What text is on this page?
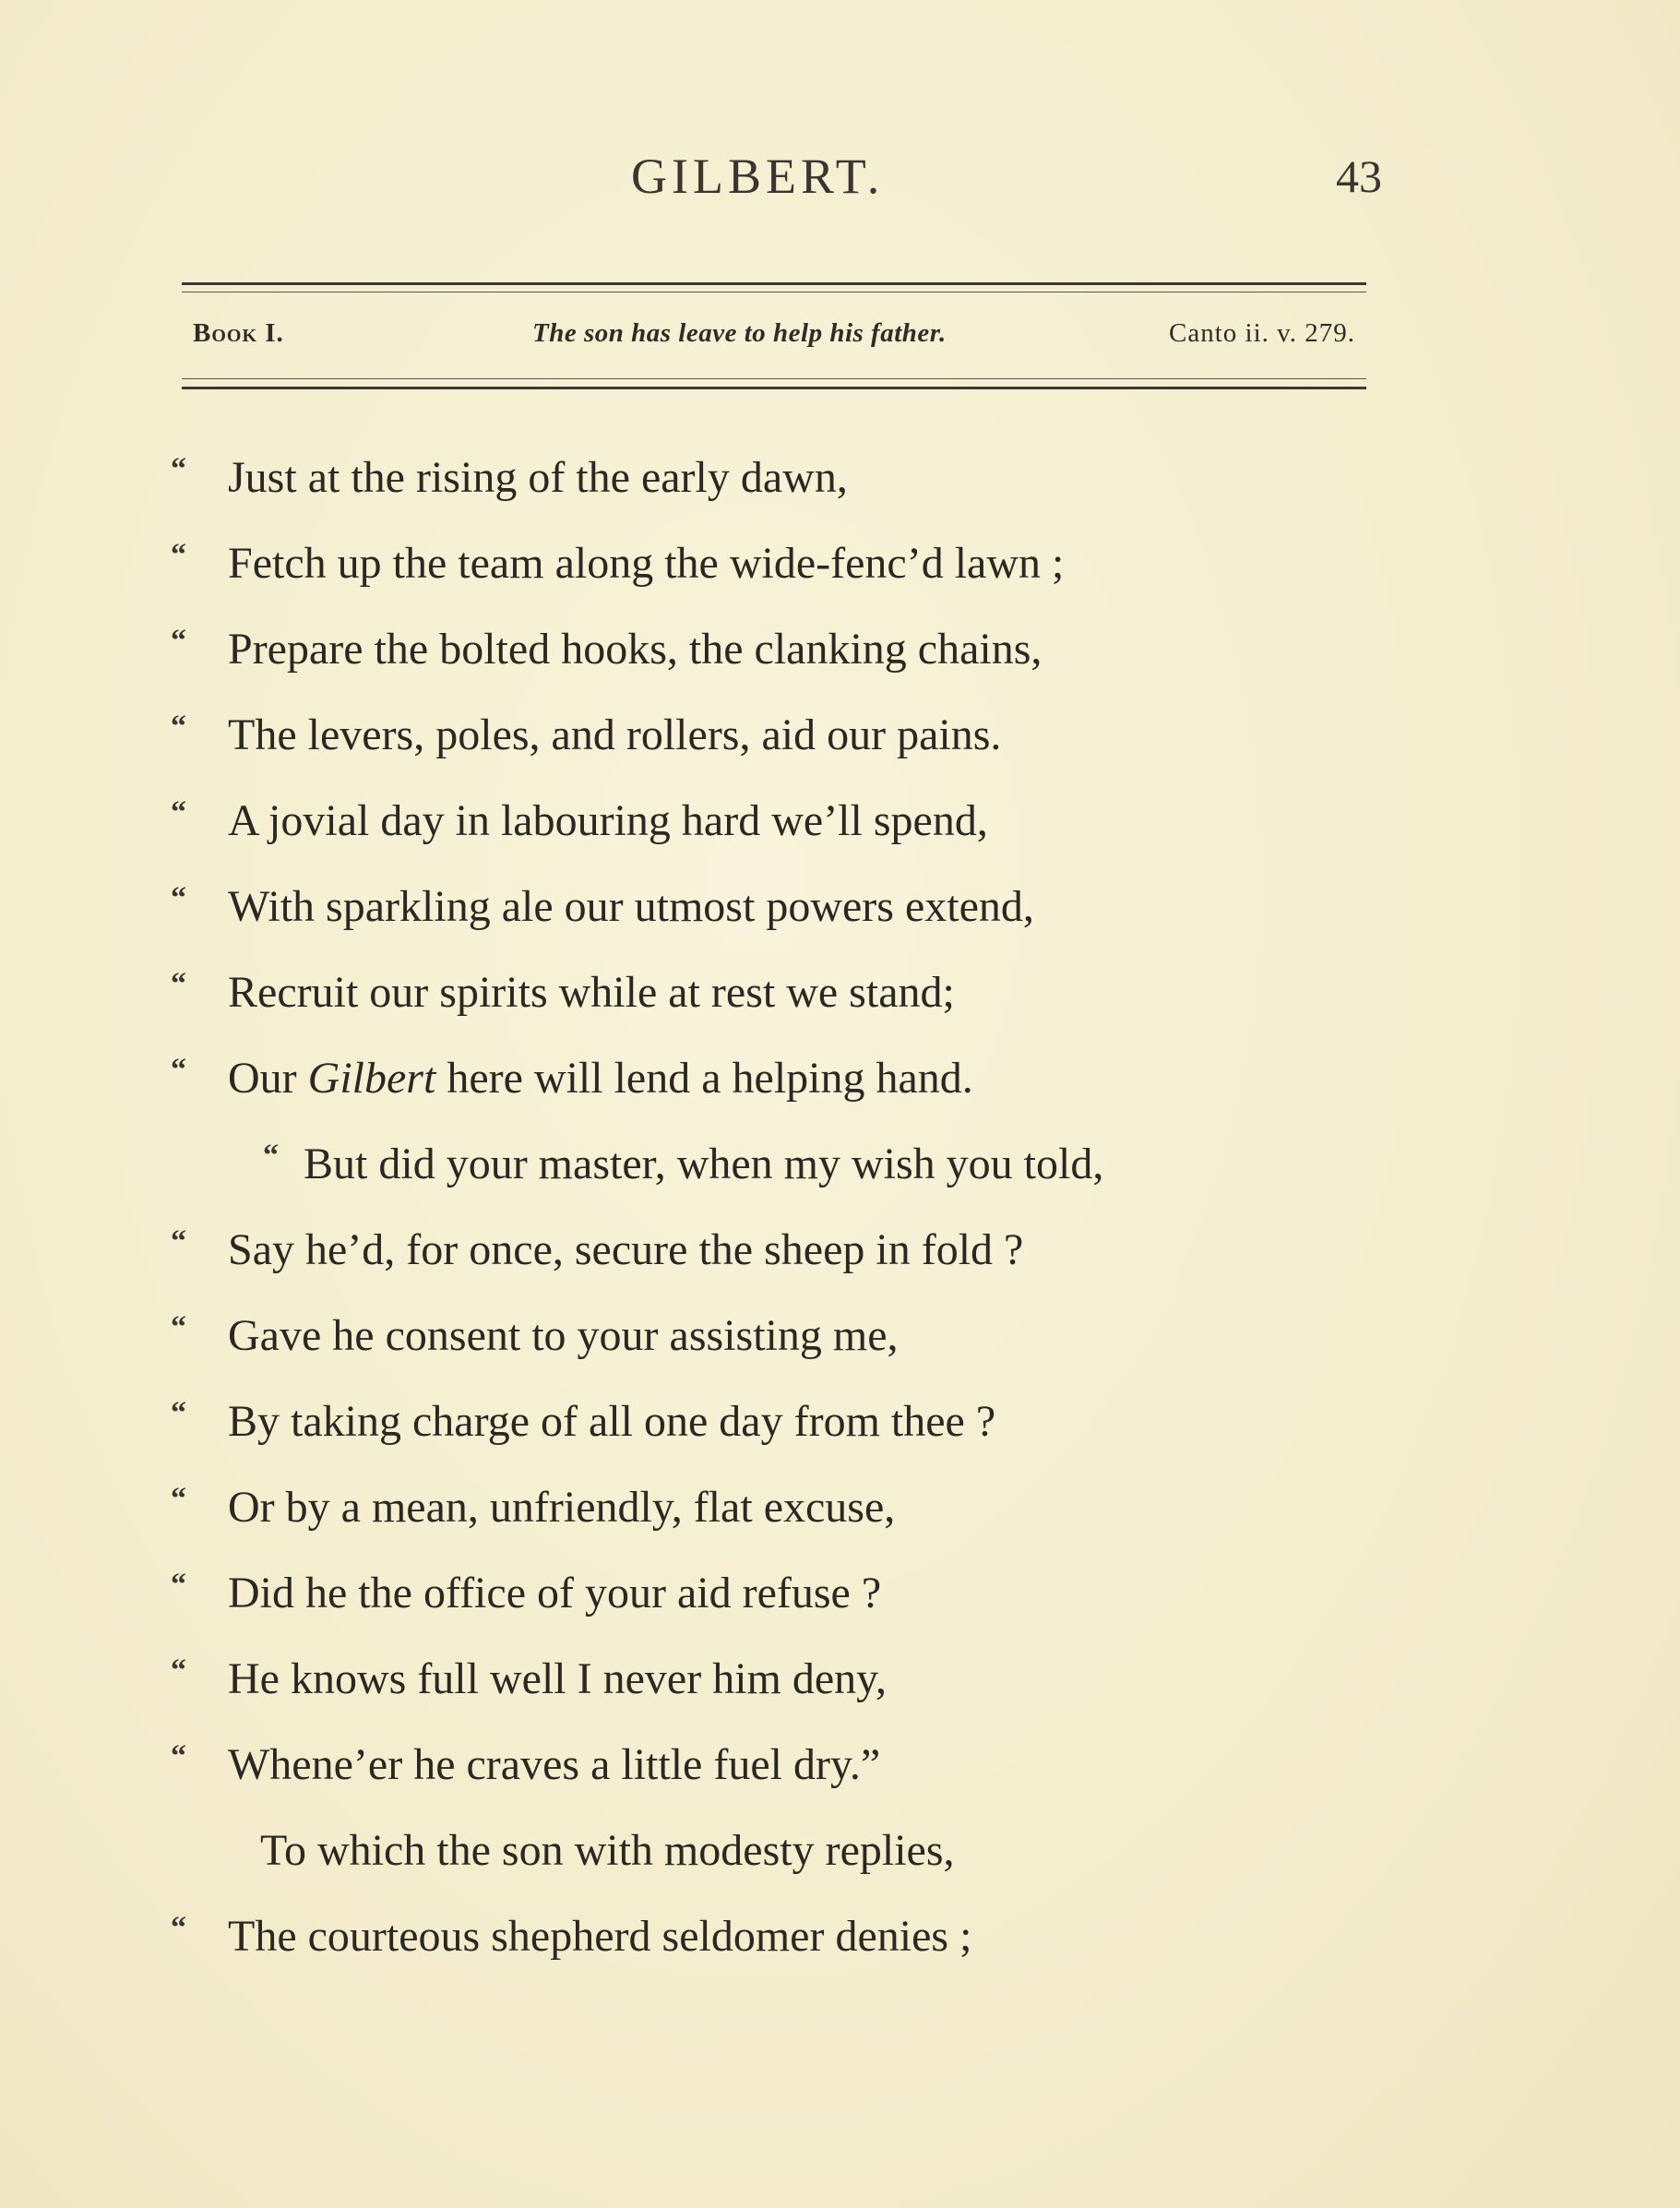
GILBERT.	43
Book I.	The son has leave to help his father.	Canto ii. v. 279.
“ Just at the rising of the early dawn,
“ Fetch up the team along the wide-fenc’d lawn ;
“ Prepare the bolted hooks, the clanking chains,
“ The levers, poles, and rollers, aid our pains.
“ A jovial day in labouring hard we’ll spend,
“ With sparkling ale our utmost powers extend,
“ Recruit our spirits while at rest we stand;
“ Our Gilbert here will lend a helping hand.
“ But did your master, when my wish you told,
“ Say he’d, for once, secure the sheep in fold ?
“ Gave he consent to your assisting me,
“ By taking charge of all one day from thee ?
“ Or by a mean, unfriendly, flat excuse,
“ Did he the office of your aid refuse ?
“ He knows full well I never him deny,
“ Whene’er he craves a little fuel dry.”
To which the son with modesty replies,
“ The courteous shepherd seldomer denies ;
